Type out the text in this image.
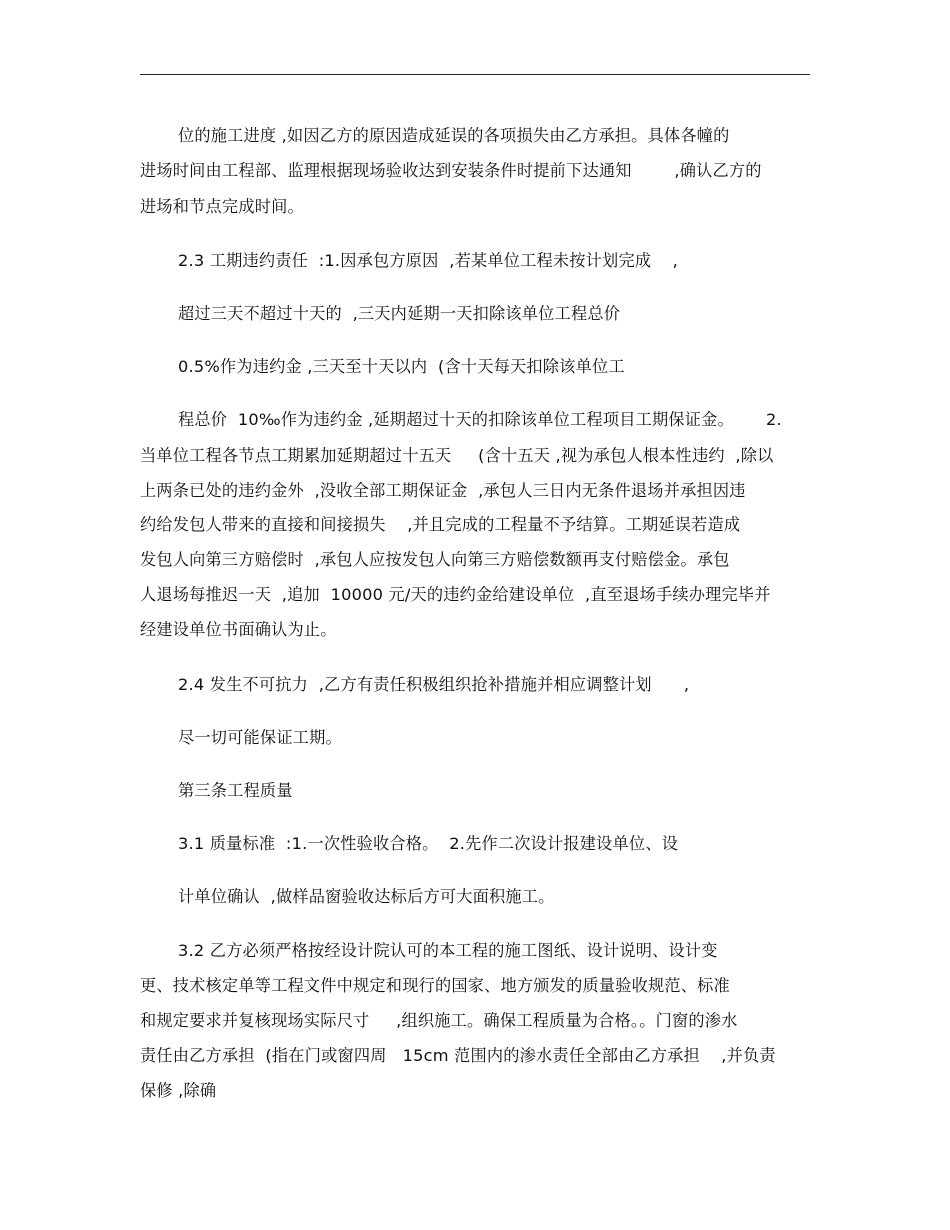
位的施工进度 ,如因乙方的原因造成延误的各项损失由乙方承担。具体各幢的
进场时间由工程部、监理根据现场验收达到安装条件时提前下达通知        ,确认乙方的
进场和节点完成时间。
2.3 工期违约责任  :1.因承包方原因  ,若某单位工程未按计划完成    ,
超过三天不超过十天的  ,三天内延期一天扣除该单位工程总价
0.5%作为违约金 ,三天至十天以内  (含十天每天扣除该单位工
程总价  10‰作为违约金 ,延期超过十天的扣除该单位工程项目工期保证金。      2.
当单位工程各节点工期累加延期超过十五天     (含十五天 ,视为承包人根本性违约  ,除以
上两条已处的违约金外  ,没收全部工期保证金  ,承包人三日内无条件退场并承担因违
约给发包人带来的直接和间接损失    ,并且完成的工程量不予结算。工期延误若造成
发包人向第三方赔偿时  ,承包人应按发包人向第三方赔偿数额再支付赔偿金。承包
人退场每推迟一天  ,追加  10000 元/天的违约金给建设单位  ,直至退场手续办理完毕并
经建设单位书面确认为止。
2.4 发生不可抗力  ,乙方有责任积极组织抢补措施并相应调整计划      ,
尽一切可能保证工期。
第三条工程质量
3.1 质量标准  :1.一次性验收合格。  2.先作二次设计报建设单位、设
计单位确认  ,做样品窗验收达标后方可大面积施工。
3.2 乙方必须严格按经设计院认可的本工程的施工图纸、设计说明、设计变
更、技术核定单等工程文件中规定和现行的国家、地方颁发的质量验收规范、标准
和规定要求并复核现场实际尺寸     ,组织施工。确保工程质量为合格。。门窗的渗水
责任由乙方承担  (指在门或窗四周   15cm 范围内的渗水责任全部由乙方承担    ,并负责
保修 ,除确
